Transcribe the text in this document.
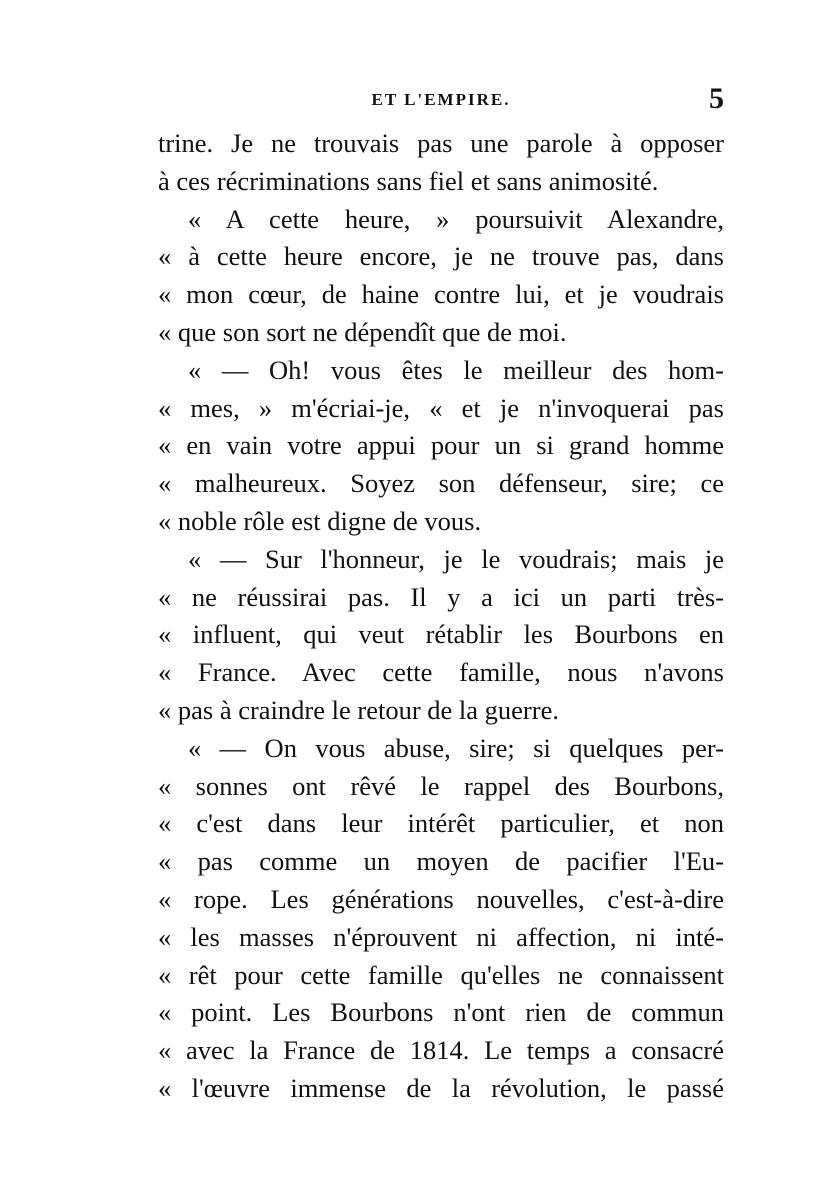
ET L'EMPIRE.	5
trine. Je ne trouvais pas une parole à opposer
à ces récriminations sans fiel et sans animosité.
« A cette heure, » poursuivit Alexandre,
« à cette heure encore, je ne trouve pas, dans
« mon cœur, de haine contre lui, et je voudrais
« que son sort ne dépendît que de moi.
« — Oh! vous êtes le meilleur des hom-
« mes, » m'écriai-je, « et je n'invoquerai pas
« en vain votre appui pour un si grand homme
« malheureux. Soyez son défenseur, sire; ce
« noble rôle est digne de vous.
« — Sur l'honneur, je le voudrais; mais je
« ne réussirai pas. Il y a ici un parti très-
« influent, qui veut rétablir les Bourbons en
« France. Avec cette famille, nous n'avons
« pas à craindre le retour de la guerre.
« — On vous abuse, sire; si quelques per-
« sonnes ont rêvé le rappel des Bourbons,
« c'est dans leur intérêt particulier, et non
« pas comme un moyen de pacifier l'Eu-
« rope. Les générations nouvelles, c'est-à-dire
« les masses n'éprouvent ni affection, ni inté-
« rêt pour cette famille qu'elles ne connaissent
« point. Les Bourbons n'ont rien de commun
« avec la France de 1814. Le temps a consacré
« l'œuvre immense de la révolution, le passé
